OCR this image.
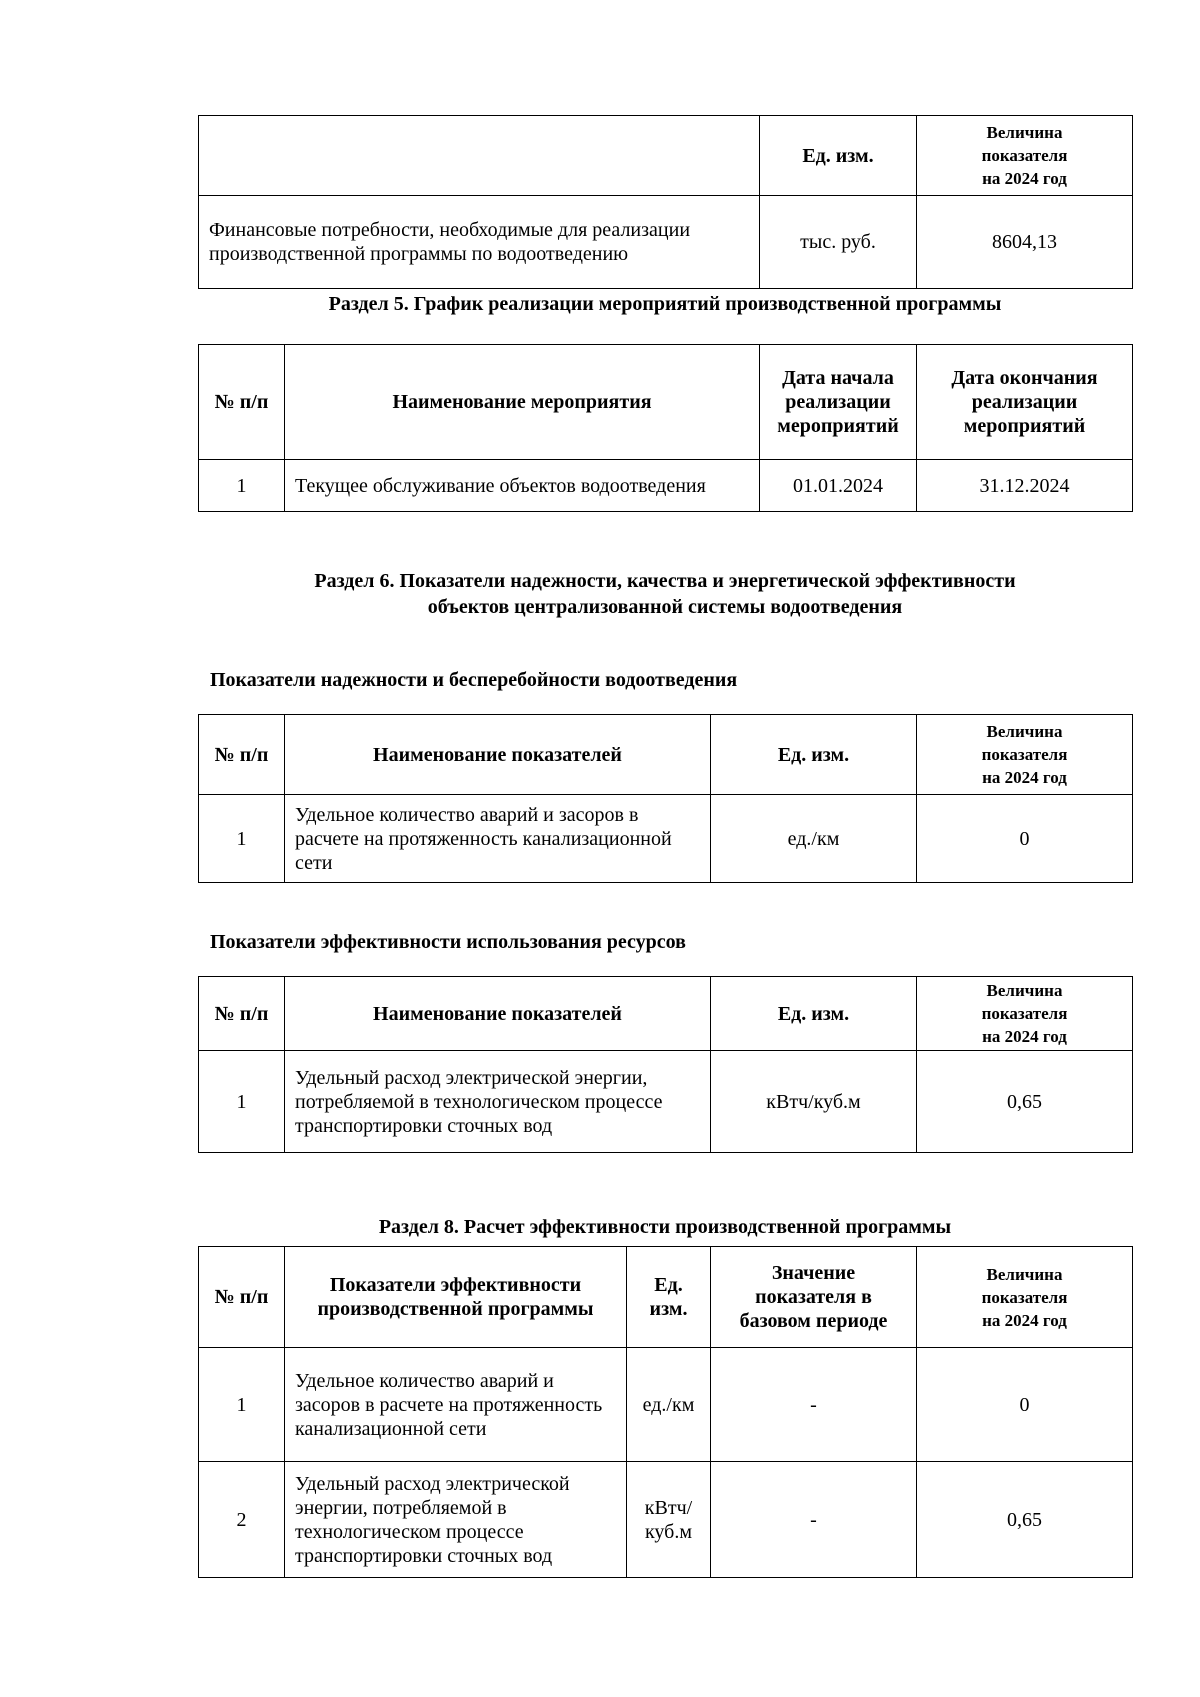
	Ед. изм.	Величина
показателя
на 2024 год
Финансовые потребности, необходимые для реализации производственной программы по водоотведению	тыс. руб.	8604,13
Раздел 5. График реализации мероприятий производственной программы
№ п/п	Наименование мероприятия	Дата начала
реализации
мероприятий	Дата окончания
реализации
мероприятий
1	Текущее обслуживание объектов водоотведения	01.01.2024	31.12.2024
Раздел 6. Показатели надежности, качества и энергетической эффективности
объектов централизованной системы водоотведения
Показатели надежности и бесперебойности водоотведения
№ п/п	Наименование показателей	Ед. изм.	Величина
показателя
на 2024 год
1	Удельное количество аварий и засоров в расчете на протяженность канализационной сети	ед./км	0
Показатели эффективности использования ресурсов
№ п/п	Наименование показателей	Ед. изм.	Величина
показателя
на 2024 год
1	Удельный расход электрической энергии, потребляемой в технологическом процессе транспортировки сточных вод	кВтч/куб.м	0,65
Раздел 8. Расчет эффективности производственной программы
№ п/п	Показатели эффективности
производственной программы	Ед.
изм.	Значение
показателя в
базовом периоде	Величина
показателя
на 2024 год
1	Удельное количество аварий и засоров в расчете на протяженность канализационной сети	ед./км	-	0
2	Удельный расход электрической энергии, потребляемой в технологическом процессе транспортировки сточных вод	кВтч/
куб.м	-	0,65
